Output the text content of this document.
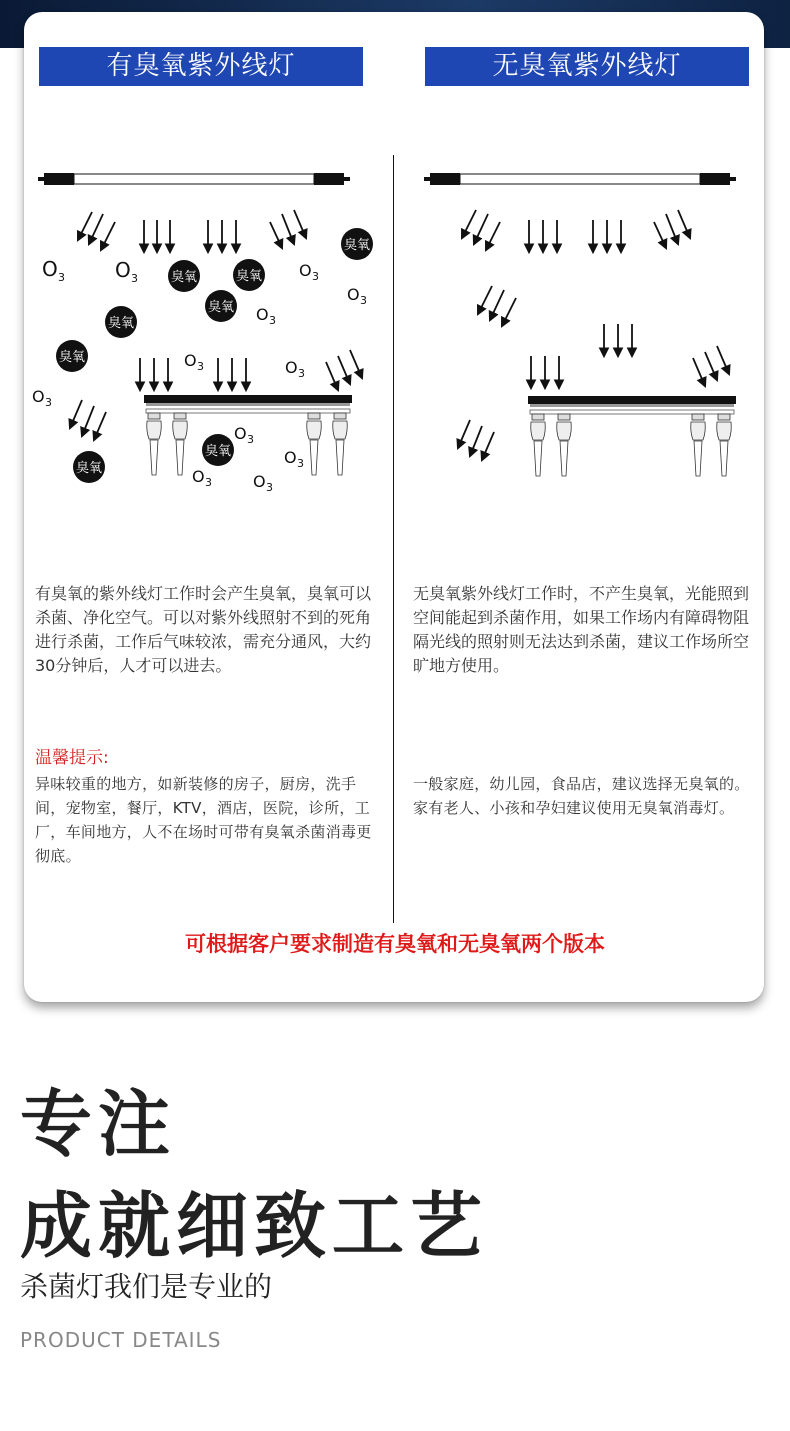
有臭氧紫外线灯	无臭氧紫外线灯
臭氧
臭氧	臭氧
臭氧
臭氧
臭氧
臭氧
臭氧
O 3	O 3	O 3
O 3
O 3
O 3	O 3
O 3
O 3
O 3
O 3	O 3
有臭氧的紫外线灯工作时会产生臭氧，臭氧可以杀菌、净化空气。可以对紫外线照射不到的死角进行杀菌，工作后气味较浓，需充分通风，大约30分钟后，人才可以进去。
无臭氧紫外线灯工作时，不产生臭氧，光能照到空间能起到杀菌作用，如果工作场内有障碍物阻隔光线的照射则无法达到杀菌，建议工作场所空旷地方使用。
温馨提示:
异味较重的地方，如新装修的房子，厨房，洗手间，宠物室，餐厅，KTV，酒店，医院，诊所，工厂，车间地方，人不在场时可带有臭氧杀菌消毒更彻底。
一般家庭，幼儿园，食品店，建议选择无臭氧的。家有老人、小孩和孕妇建议使用无臭氧消毒灯。
可根据客户要求制造有臭氧和无臭氧两个版本
专注
成就细致工艺
杀菌灯我们是专业的
PRODUCT DETAILS
